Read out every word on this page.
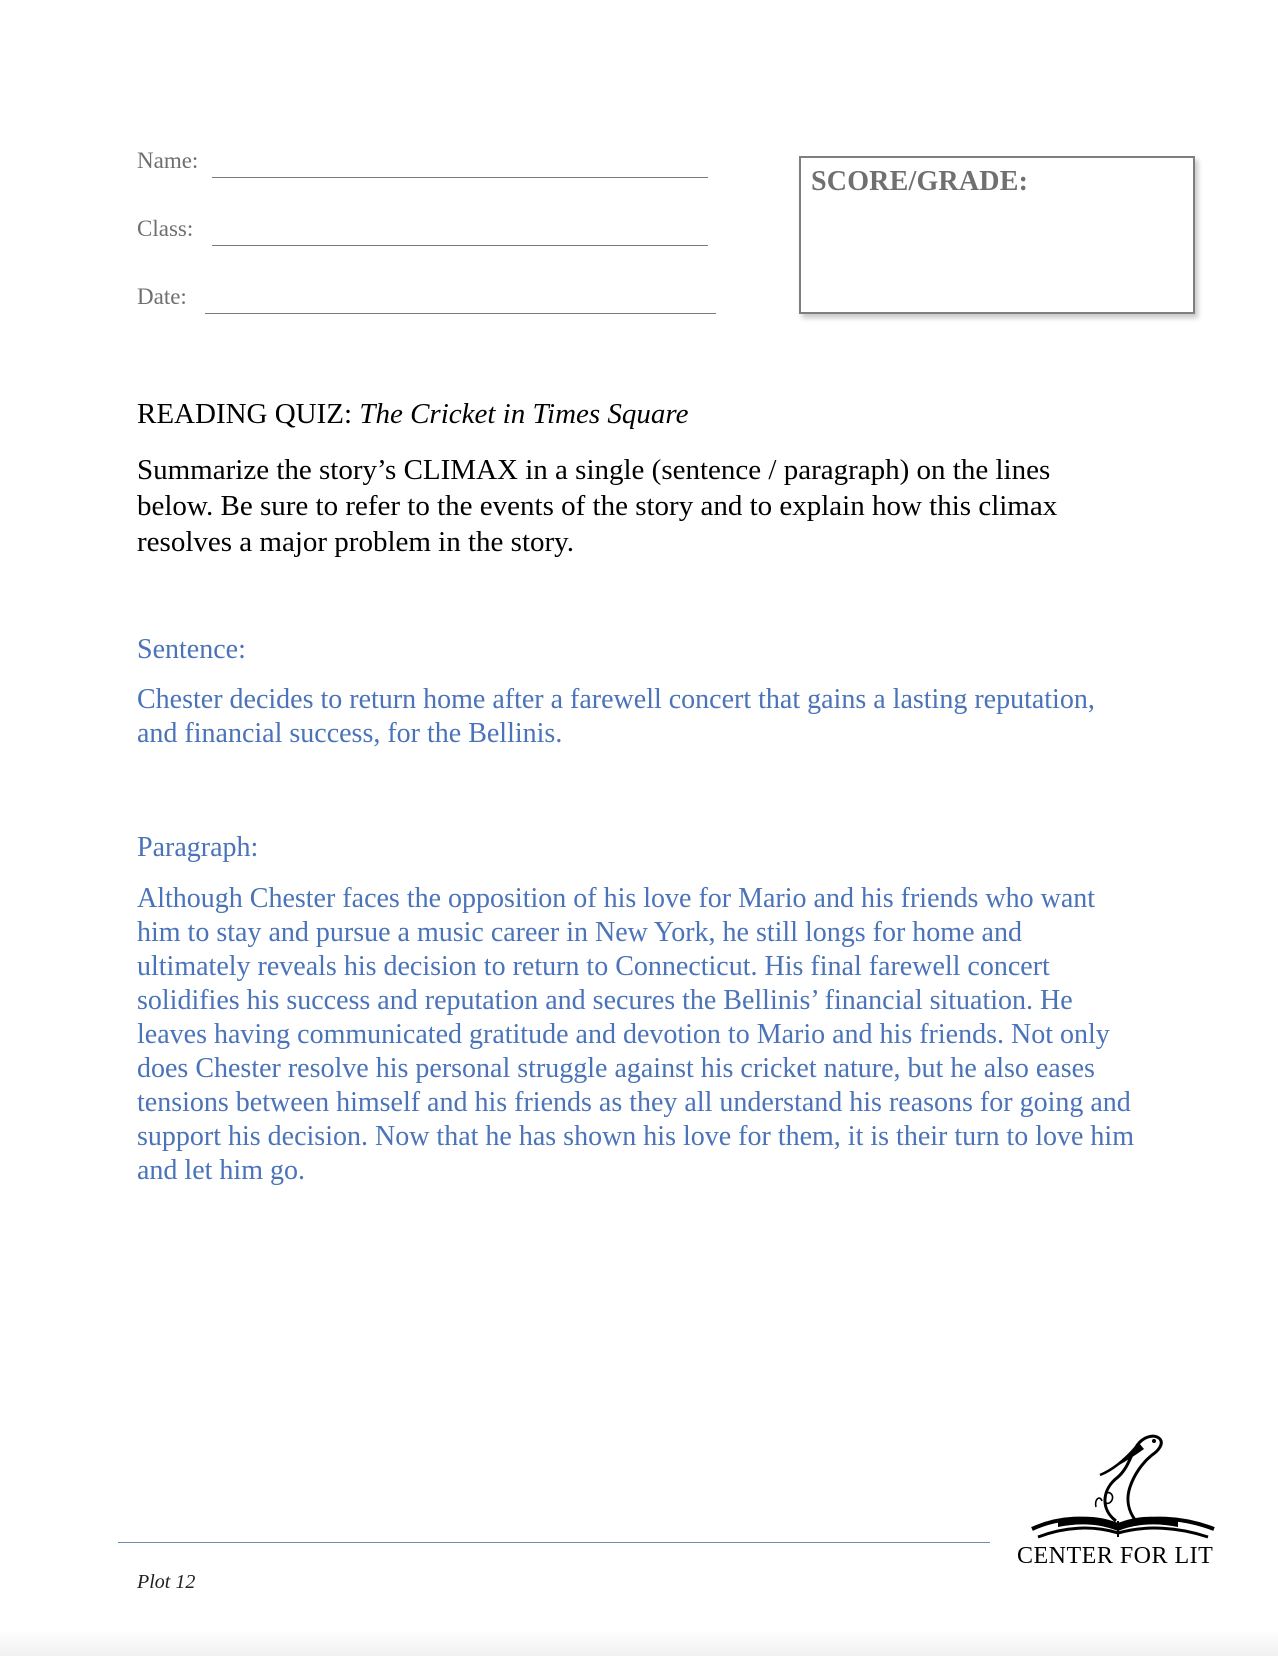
Name:
Class:
Date:
SCORE/GRADE:
READING QUIZ: The Cricket in Times Square
Summarize the story’s CLIMAX in a single (sentence / paragraph) on the lines below. Be sure to refer to the events of the story and to explain how this climax resolves a major problem in the story.
Sentence:
Chester decides to return home after a farewell concert that gains a lasting reputation, and financial success, for the Bellinis.
Paragraph:
Although Chester faces the opposition of his love for Mario and his friends who want him to stay and pursue a music career in New York, he still longs for home and ultimately reveals his decision to return to Connecticut. His final farewell concert solidifies his success and reputation and secures the Bellinis’ financial situation. He leaves having communicated gratitude and devotion to Mario and his friends. Not only does Chester resolve his personal struggle against his cricket nature, but he also eases tensions between himself and his friends as they all understand his reasons for going and support his decision. Now that he has shown his love for them, it is their turn to love him and let him go.
Plot 12
CENTER FOR LIT
